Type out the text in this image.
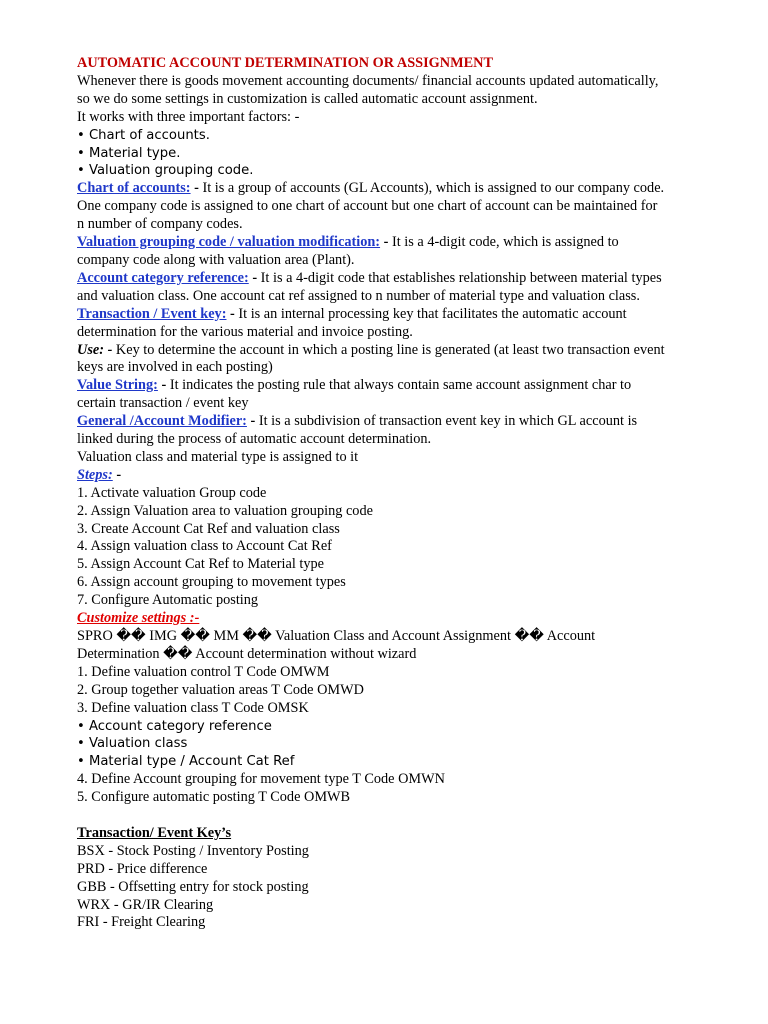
AUTOMATIC ACCOUNT DETERMINATION OR ASSIGNMENT
Whenever there is goods movement accounting documents/ financial accounts updated automatically,
so we do some settings in customization is called automatic account assignment.
It works with three important factors: -
• Chart of accounts.
• Material type.
• Valuation grouping code.
Chart of accounts: - It is a group of accounts (GL Accounts), which is assigned to our company code.
One company code is assigned to one chart of account but one chart of account can be maintained for
n number of company codes.
Valuation grouping code / valuation modification: - It is a 4-digit code, which is assigned to
company code along with valuation area (Plant).
Account category reference: - It is a 4-digit code that establishes relationship between material types
and valuation class. One account cat ref assigned to n number of material type and valuation class.
Transaction / Event key: - It is an internal processing key that facilitates the automatic account
determination for the various material and invoice posting.
Use: - Key to determine the account in which a posting line is generated (at least two transaction event
keys are involved in each posting)
Value String: - It indicates the posting rule that always contain same account assignment char to
certain transaction / event key
General /Account Modifier: - It is a subdivision of transaction event key in which GL account is
linked during the process of automatic account determination.
Valuation class and material type is assigned to it
Steps: -
1. Activate valuation Group code
2. Assign Valuation area to valuation grouping code
3. Create Account Cat Ref and valuation class
4. Assign valuation class to Account Cat Ref
5. Assign Account Cat Ref to Material type
6. Assign account grouping to movement types
7. Configure Automatic posting
Customize settings :-
SPRO �� IMG �� MM �� Valuation Class and Account Assignment �� Account
Determination �� Account determination without wizard
1. Define valuation control T Code OMWM
2. Group together valuation areas T Code OMWD
3. Define valuation class T Code OMSK
• Account category reference
• Valuation class
• Material type / Account Cat Ref
4. Define Account grouping for movement type T Code OMWN
5. Configure automatic posting T Code OMWB
Transaction/ Event Key’s
BSX - Stock Posting / Inventory Posting
PRD - Price difference
GBB - Offsetting entry for stock posting
WRX - GR/IR Clearing
FRI - Freight Clearing
